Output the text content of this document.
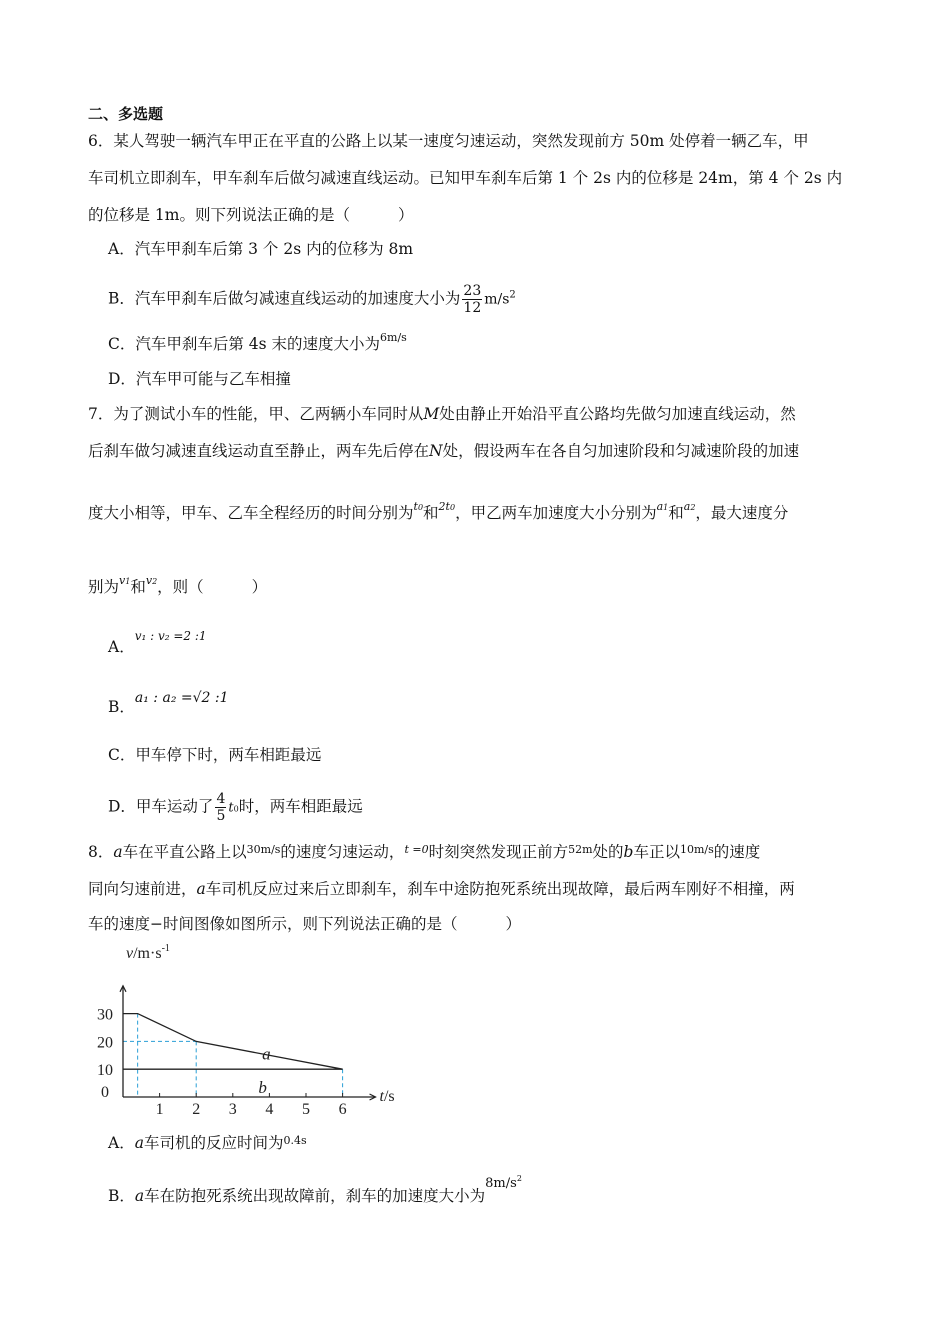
二、多选题
6．某人驾驶一辆汽车甲正在平直的公路上以某一速度匀速运动，突然发现前方 50m 处停着一辆乙车，甲
车司机立即刹车，甲车刹车后做匀减速直线运动。已知甲车刹车后第 1 个 2s 内的位移是 24m，第 4 个 2s 内
的位移是 1m。则下列说法正确的是（	）
A．汽车甲刹车后第 3 个 2s 内的位移为 8m
B．汽车甲刹车后做匀减速直线运动的加速度大小为 $\frac{23}{12} m/s^2$
C．汽车甲刹车后第 4s 末的速度大小为$^{6m/s}$
D．汽车甲可能与乙车相撞
7．为了测试小车的性能，甲、乙两辆小车同时从M处由静止开始沿平直公路均先做匀加速直线运动，然
后刹车做匀减速直线运动直至静止，两车先后停在N处，假设两车在各自匀加速阶段和匀减速阶段的加速
度大小相等，甲车、乙车全程经历的时间分别为$^{t0}$和$^{2t0}$，甲乙两车加速度大小分别为$^{a1}$和$^{a2}$，最大速度分
别为$^{v1}$和$^{v2}$，则（	）
A．$^{v_1 : v_2 =2 :1}$
B．a₁ : a₂ =√2 :1
C．甲车停下时，两车相距最远
D．甲车运动了 $\frac{4}{5} t0$时，两车相距最远
8．a车在平直公路上以$^{30m/s}$的速度匀速运动，$^{t =0}$时刻突然发现正前方$^{52m}$处的b车正以$^{10m/s}$的速度
同向匀速前进，a车司机反应过来后立即刹车，刹车中途防抱死系统出现故障，最后两车刚好不相撞，两
车的速度−时间图像如图所示，则下列说法正确的是（	）
a
b
1 2 3 4 5 6
0
10
20
30
$v/m\cdot s^{-1}$
t/s
A．a车司机的反应时间为$^{0.4s}$
B．a车在防抱死系统出现故障前，刹车的加速度大小为$^{8m/s2}$
